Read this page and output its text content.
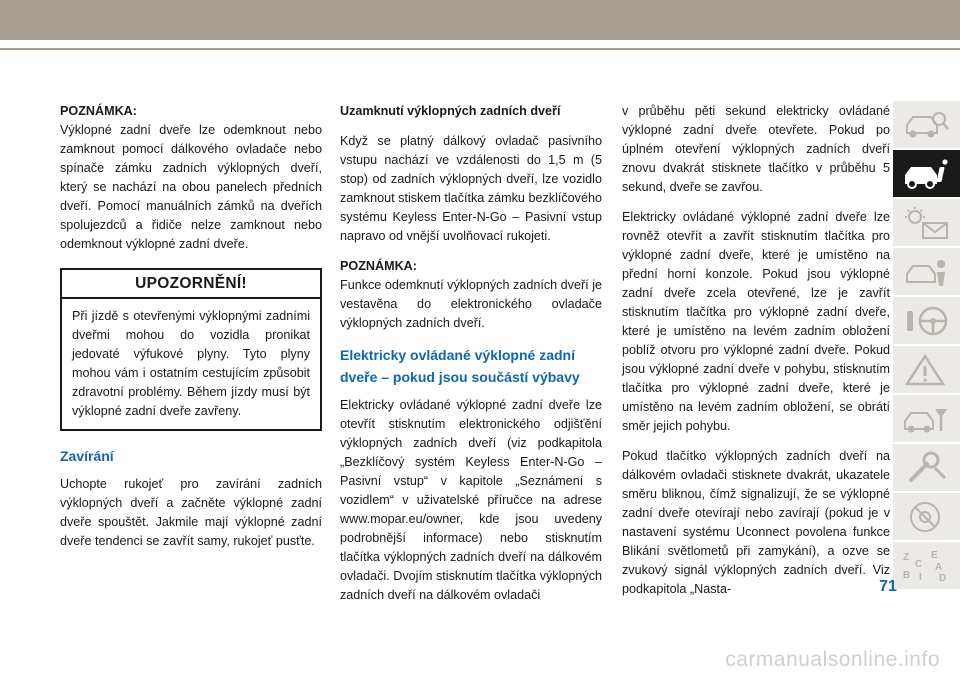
POZNÁMKA:
Výklopné zadní dveře lze odemknout nebo zamknout pomocí dálkového ovladače nebo spínače zámku zadních výklopných dveří, který se nachází na obou panelech předních dveří. Pomocí manuálních zámků na dveřích spolujezdců a řidiče nelze zamknout nebo odemknout výklopné zadní dveře.

UPOZORNĚNÍ!
Při jízdě s otevřenými výklopnými zadními dveřmi mohou do vozidla pronikat jedovaté výfukové plyny. Tyto plyny mohou vám i ostatním cestujícím způsobit zdravotní problémy. Během jízdy musí být výklopné zadní dveře zavřeny.
Zavírání

Uchopte rukojeť pro zavírání zadních výklopných dveří a začněte výklopné zadní dveře spouštět. Jakmile mají výklopné zadní dveře tendenci se zavřít samy, rukojeť pusťte.

Uzamknutí výklopných zadních dveří

Když se platný dálkový ovladač pasivního vstupu nachází ve vzdálenosti do 1,5 m (5 stop) od zadních výklopných dveří, lze vozidlo zamknout stiskem tlačítka zámku bezklíčového systému Keyless Enter-N-Go – Pasivní vstup napravo od vnější uvolňovací rukojeti.

POZNÁMKA:
Funkce odemknutí výklopných zadních dveří je vestavěna do elektronického ovladače výklopných zadních dveří.

Elektricky ovládané výklopné zadní dveře – pokud jsou součástí výbavy

Elektricky ovládané výklopné zadní dveře lze otevřít stisknutím elektronického odjišťění výklopných zadních dveří (viz podkapitola „Bezklíčový systém Keyless Enter-N-Go – Pasivní vstup“ v kapitole „Seznámení s vozidlem“ v uživatelské příručce na adrese www.mopar.eu/owner, kde jsou uvedeny podrobnější informace) nebo stisknutím tlačítka výklopných zadních dveří na dálkovém ovladači. Dvojím stisknutím tlačítka výklopných zadních dveří na dálkovém ovladači

v průběhu pěti sekund elektricky ovládané výklopné zadní dveře otevřete. Pokud po úplném otevření výklopných zadních dveří znovu dvakrát stisknete tlačítko v průběhu 5 sekund, dveře se zavřou.

Elektricky ovládané výklopné zadní dveře lze rovněž otevřít a zavřít stisknutím tlačítka pro výklopné zadní dveře, které je umístěno na přední horní konzole. Pokud jsou výklopné zadní dveře zcela otevřené, lze je zavřít stisknutím tlačítka pro výklopné zadní dveře, které je umístěno na levém zadním obložení poblíž otvoru pro výklopné zadní dveře. Pokud jsou výklopné zadní dveře v pohybu, stisknutím tlačítka pro výklopné zadní dveře, které je umístěno na levém zadním obložení, se obrátí směr jejich pohybu.

Pokud tlačítko výklopných zadních dveří na dálkovém ovladači stisknete dvakrát, ukazatele směru bliknou, čímž signalizují, že se výklopné zadní dveře otevírají nebo zavírají (pokud je v nastavení systému Uconnect povolena funkce Blikání světlometů při zamykání), a ozve se zvukový signál výklopných zadních dveří. Viz podkapitola „Nasta-

Z E
C A
B I D
71
carmanualsonline.info
